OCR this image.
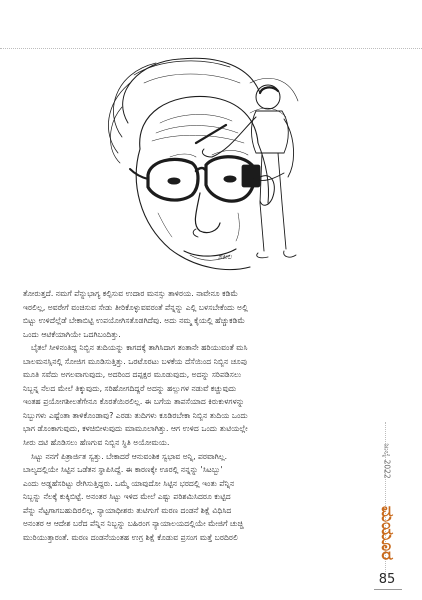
ಶಕೀಲ
ತೋರುತ್ತದೆ. ನಮಗೆ ಪೆನ್ನುಭಾಗ್ಯ ಕಲ್ಪಿಸುವ ಉದಾರ ಮನಸ್ಸು ತಾಳಿರಯ. ನಾವೇನೂ ಕಡಿಮೆ
ಇರಲಿಲ್ಲ, ಅವರೇಗೆ ವಂಚಿಸುವ ಸೇಡು ತೀರಿಕೊಳ್ಳುವವರಂತೆ ಪೆನ್ನನ್ನು ಎಲ್ಲಿ ಬಳಸಬೇಕೆಂದು ಅಲ್ಲಿ
ಬಿಟ್ಟು ಉಳಿದೆಲ್ಲೆಡೆ ಬೇಕಾಬಿಟ್ಟಿ ಉಪಯೋಗಿಸತೊಡಗಿದೆವು. ಅದು ನಮ್ಮ ಕೈಯಲ್ಲಿ ಹೆಚ್ಚುಕಡಿಮೆ
ಒಂದು ಆಟಿಕೆಯಾಗಿಯೇ ಒದಗಿಬಂದಿತ್ತು.
ಬೈತಲೆ ಸೀಳಿನಂತಿದ್ದ ನಿಬ್ಬಿನ ತುದಿಯನ್ನು ಕಾಗದಕ್ಕೆ ತಾಗಿಸಿದಾಗ ತಂತಾನೇ ಹರಿಯುವಂತೆ ಮಸಿ
ಬಾಲಮನಸ್ಸಿನಲ್ಲಿ ಸೋಜಿಗ ಮೂಡಿಸುತ್ತಿತ್ತು. ಒರಟೊರಟು ಬಳಕೆಯ ದೆಸೆಯಿಂದ ನಿಬ್ಬಿನ ಚೂಪು
ಮೂತಿ ಸವೆದು ಅಗಲವಾಗುವುದು, ಅದರಿಂದ ದಪ್ಪಕ್ಷರ ಮೂಡುವುದು, ಅದನ್ನು ಸರಿಪಡಿಸಲು
ನಿಬ್ಬನ್ನ ನೆಲದ ಮೇಲೆ ತಿಕ್ಕುವುದು, ಸರಿಹೋಗದಿದ್ದರೆ ಅದನ್ನು ಹಲ್ಲುಗಳ ನಡುವೆ ಕಚ್ಚುವುದು
ಇಂತಹ ಪ್ರಯೋಗಶೀಲತೆಗೇನೂ ಕೊರತೆಯಿರಲಿಲ್ಲ. ಈ ಬಗೆಯ ತಾಪಸೆಯಾದ ಕಿರುಕುಳಗಳನ್ನು
ನಿಬ್ಬುಗಳು ಎಷ್ಟೆಂತಾ ತಾಳಿಕೊಂಡಾವು? ಎರಡು ತುದಿಗಳು ಕೂಡಿರಬೇಕಾ ನಿಬ್ಬಿನ ತುದಿಯ ಒಂದು
ಭಾಗ ಡೊಂಕಾಗುವುದು, ಕಳಚಿಬೀಳುವುದು ಮಾಮೂಲಾಗಿತ್ತು. ಆಗ ಉಳಿದ ಒಂದು ತುಟಿಯಲ್ಲೇ
ಸೀರು ದಟಿ ಹೊಡಿಸಲು ಹೆಣಗುವ ನಿಬ್ಬಿನ ಸ್ಥಿತಿ ಅಯೋಮಯ.
ಸಿಟ್ಟು ನನಗೆ ಪಿತ್ರಾರ್ಜಿತ ಸ್ವತ್ತು. ಬೇಕಾದರೆ ಆನುವಂಶಿಕ ಸ್ವಭಾವ ಅನ್ನಿ, ಪರವಾಗಿಲ್ಲ.
ಬಾಲ್ಯದಲ್ಲಿಯೇ ಸಿಟ್ಟಿನ ಒಡೆತನ ಸ್ಥಾಪಿಸಿದ್ದೆ. ಈ ಕಾರಣಕ್ಕೇ ಊರಲ್ಲಿ ನನ್ನನ್ನು 'ಸಿಟಬ್ಬು'
ಎಂದು ಅಡ್ಡಹೆಸರಿಟ್ಟು ರೇಗಿಸುತ್ತಿದ್ದರು. ಒಮ್ಮೆ ಯಾವುದೋ ಸಿಟ್ಟಿನ ಭರದಲ್ಲಿ ಇಂತು ಪೆನ್ನಿನ
ನಿಬ್ಬನ್ನು ನೆಲಕ್ಕೆ ಕುಕ್ಕಿಬಿಟ್ಟೆ. ಅನಂತರ ಸಿಟ್ಟು ಇಳಿದ ಮೇಲೆ ಎಷ್ಟು ಪರಿಶಮಿಸಿದರೂ ಕುಟ್ಟಿದ
ಪೆನ್ನು ನೆಟ್ಟಗಾಗಬಹುದಿರಲಿಲ್ಲ. ನ್ಯಾಯಾಧೀಶರು ತುಟಿಗುಗೆ ಮರಣ ದಂಡನೆ ಶಿಕ್ಷೆ ವಿಧಿಸಿದ
ಅನಂತರ ಆ ಆದೇಶ ಬರೆದ ಪೆನ್ನಿನ ನಿಬ್ಬನ್ನು ಬಹಿರಂಗ ನ್ಯಾಯಾಲಯದಲ್ಲಿಯೇ ಮೇಜಿಗೆ ಚುಚ್ಚಿ
ಮುರಿಯುತ್ತಾರಂತೆ. ಮರಣ ದಂಡನೆಯಂತಹ ಉಗ್ರ ಶಿಕ್ಷೆ ಕೊಡುವ ಪ್ರಸಂಗ ಮತ್ತೆ ಬರದಿರಲಿ
ಜುಲೈ 2022
ಮಯೂರ
85
